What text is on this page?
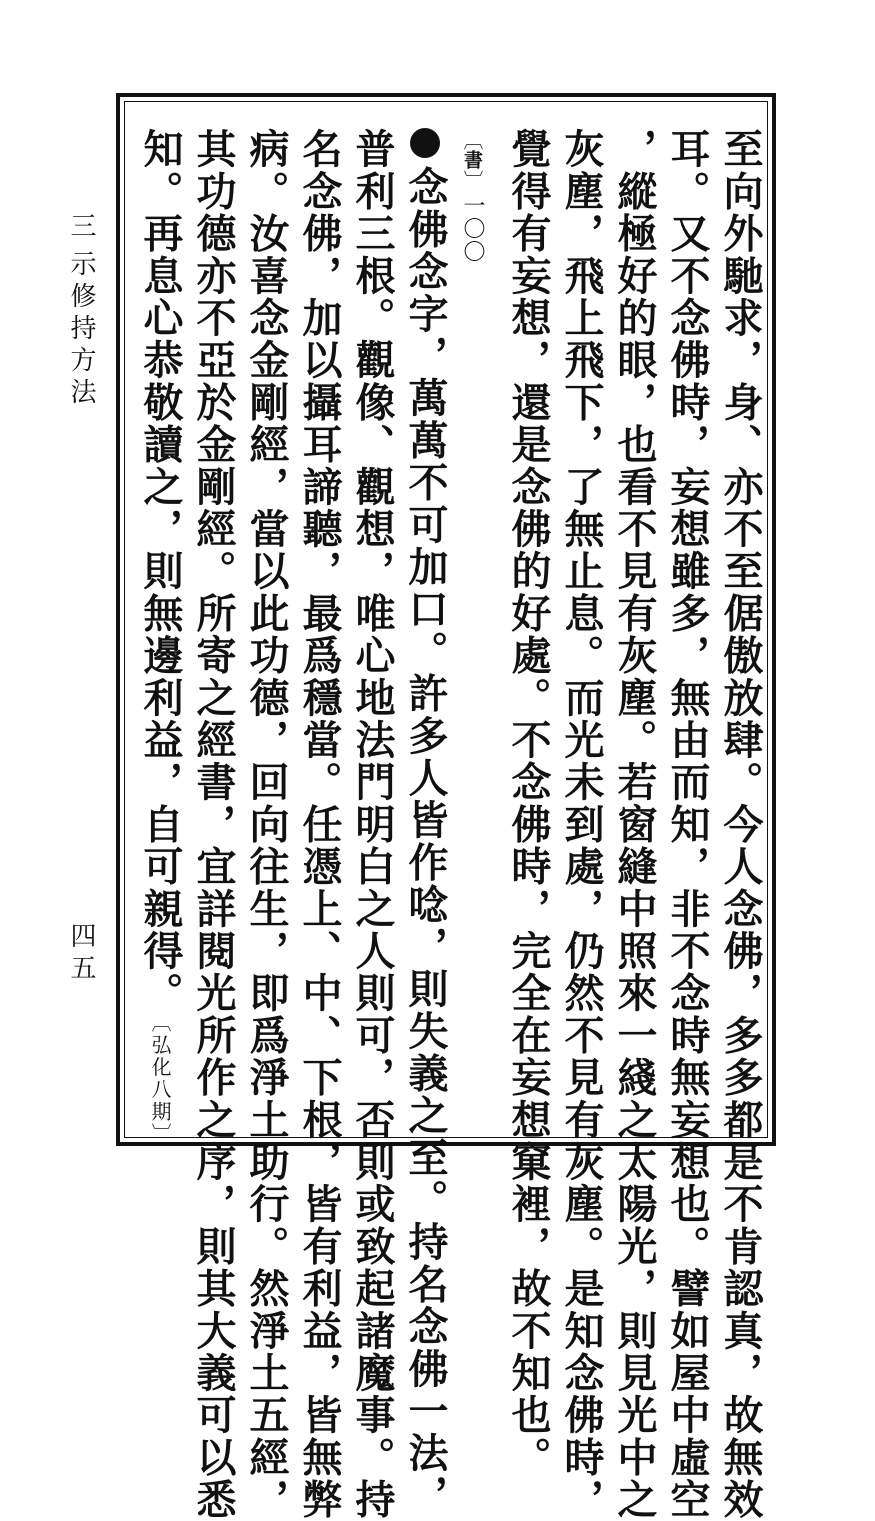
三示修持方法
四五	至向外馳求，身、亦不至倨傲放肆。今人念佛，多多都是不肯認真，故無效
耳。又不念佛時，妄想雖多，無由而知，非不念時無妄想也。譬如屋中虛空
，縱極好的眼，也看不見有灰塵。若窗縫中照來一綫之太陽光，則見光中之
灰塵，飛上飛下，了無止息。而光未到處，仍然不見有灰塵。是知念佛時，
覺得有妄想，還是念佛的好處。不念佛時，完全在妄想窠裡，故不知也。
〔書〕一〇〇
念佛念字，萬萬不可加口。許多人皆作唸，則失義之至。持名念佛一法，
普利三根。觀像、觀想，唯心地法門明白之人則可，否則或致起諸魔事。持
名念佛，加以攝耳諦聽，最爲穩當。任憑上、中、下根，皆有利益，皆無弊
病。汝喜念金剛經，當以此功德，回向往生，即爲淨土助行。然淨土五經，
其功德亦不亞於金剛經。所寄之經書，宜詳閱光所作之序，則其大義可以悉
知。再息心恭敬讀之，則無邊利益，自可親得。〔弘化八期〕
